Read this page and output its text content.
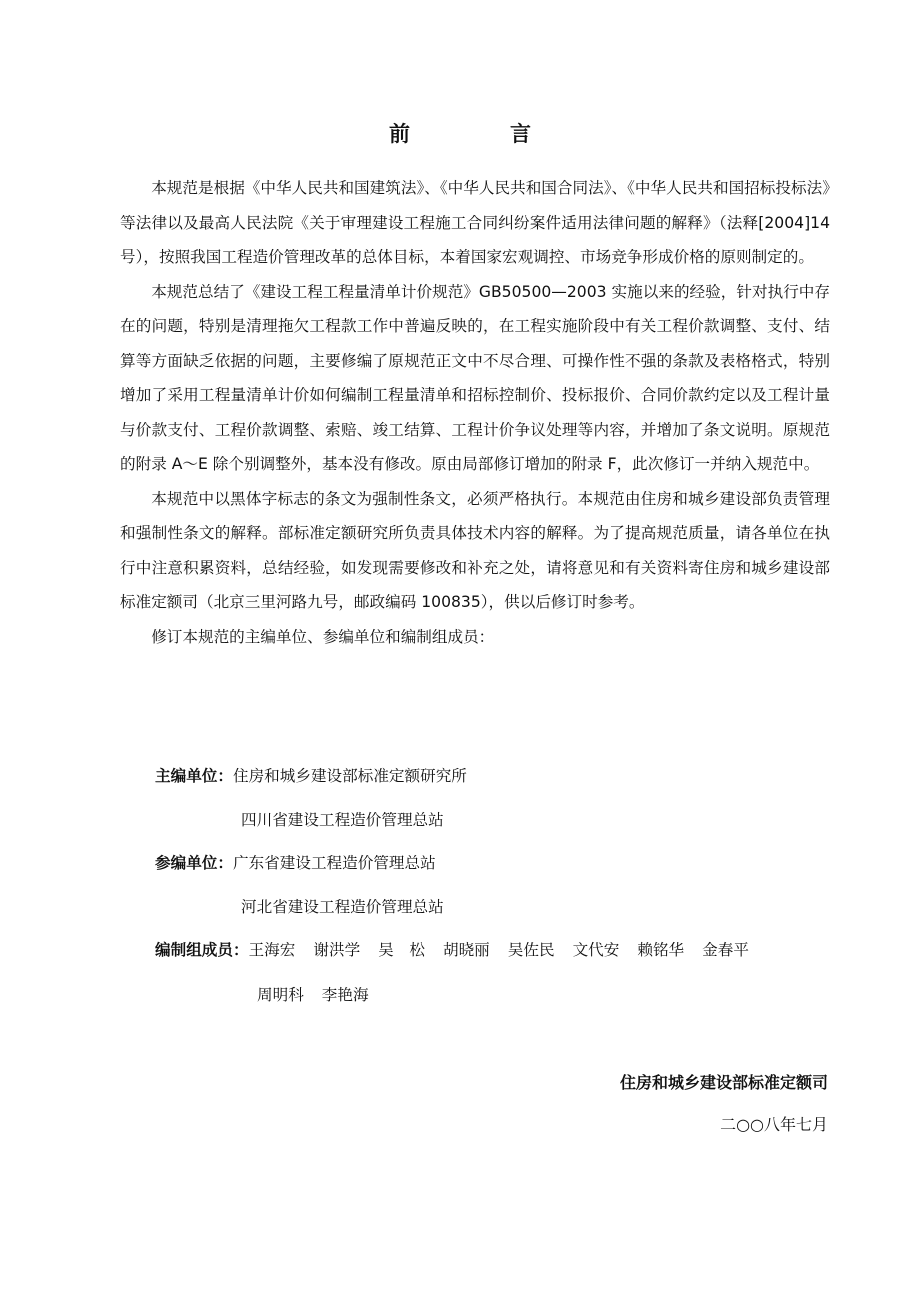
前	言

本规范是根据《中华人民共和国建筑法》、《中华人民共和国合同法》、《中华人民共和国招标投标法》等法律以及最高人民法院《关于审理建设工程施工合同纠纷案件适用法律问题的解释》（法释[2004]14 号），按照我国工程造价管理改革的总体目标，本着国家宏观调控、市场竞争形成价格的原则制定的。

本规范总结了《建设工程工程量清单计价规范》GB50500—2003 实施以来的经验，针对执行中存在的问题，特别是清理拖欠工程款工作中普遍反映的，在工程实施阶段中有关工程价款调整、支付、结算等方面缺乏依据的问题，主要修编了原规范正文中不尽合理、可操作性不强的条款及表格格式，特别增加了采用工程量清单计价如何编制工程量清单和招标控制价、投标报价、合同价款约定以及工程计量与价款支付、工程价款调整、索赔、竣工结算、工程计价争议处理等内容，并增加了条文说明。原规范的附录 A～E 除个别调整外，基本没有修改。原由局部修订增加的附录 F，此次修订一并纳入规范中。

本规范中以黑体字标志的条文为强制性条文，必须严格执行。本规范由住房和城乡建设部负责管理和强制性条文的解释。部标准定额研究所负责具体技术内容的解释。为了提高规范质量，请各单位在执行中注意积累资料，总结经验，如发现需要修改和补充之处，请将意见和有关资料寄住房和城乡建设部标准定额司（北京三里河路九号，邮政编码 100835），供以后修订时参考。

修订本规范的主编单位、参编单位和编制组成员：

主编单位：住房和城乡建设部标准定额研究所
四川省建设工程造价管理总站
参编单位：广东省建设工程造价管理总站
河北省建设工程造价管理总站
编制组成员：王海宏 谢洪学 吴　松 胡晓丽 吴佐民 文代安 赖铭华 金春平
周明科 李艳海
住房和城乡建设部标准定额司
二○○八年七月
